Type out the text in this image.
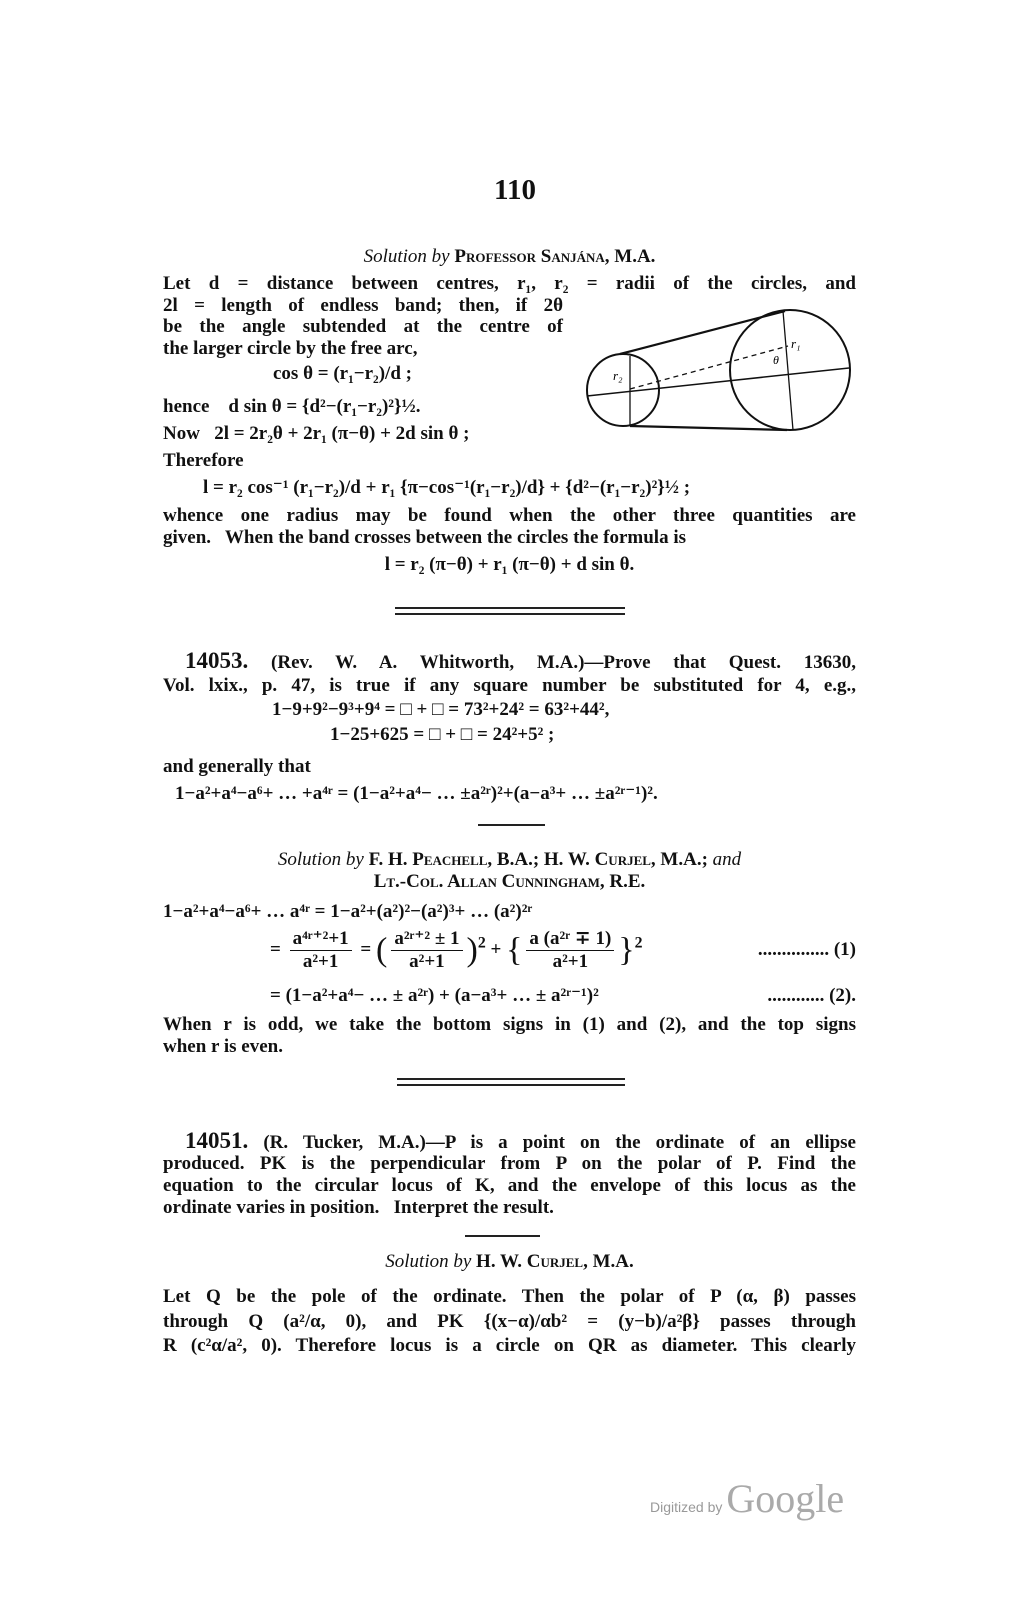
110
Solution by Professor Sanjána, M.A.
Let d = distance between centres, r₁, r₂ = radii of the circles, and
2l = length of endless band; then, if 2θ
be the angle subtended at the centre of
the larger circle by the free arc,
cos θ = (r₁−r₂)/d ;
hence    d sin θ = {d²−(r₁−r₂)²}½.
Now   2l = 2r₂θ + 2r₁ (π−θ) + 2d sin θ ;
Therefore
l = r₂ cos⁻¹ (r₁−r₂)/d + r₁ {π−cos⁻¹(r₁−r₂)/d} + {d²−(r₁−r₂)²}½ ;
whence one radius may be found when the other three quantities are
given.   When the band crosses between the circles the formula is
l = r₂ (π−θ) + r₁ (π−θ) + d sin θ.
r₂
r₁
θ
14053. (Rev. W. A. Whitworth, M.A.)—Prove that Quest. 13630,
Vol. lxix., p. 47, is true if any square number be substituted for 4, e.g.,
1−9+9²−9³+9⁴ = □ + □ = 73²+24² = 63²+44²,
1−25+625 = □ + □ = 24²+5² ;
and generally that
1−a²+a⁴−a⁶+ … +a⁴ʳ = (1−a²+a⁴− … ±a²ʳ)²+(a−a³+ … ±a²ʳ⁻¹)².
Solution by F. H. Peachell, B.A.; H. W. Curjel, M.A.; and
Lt.-Col. Allan Cunningham, R.E.
1−a²+a⁴−a⁶+ … a⁴ʳ = 1−a²+(a²)²−(a²)³+ … (a²)²ʳ
= $\frac{\text{a⁴ʳ⁺²+1}}{\text{a²+1}}$ = ( $\frac{\text{a²ʳ⁺² ± 1}}{\text{a²+1}} )^2$ + { $\frac{\text{a (a²ʳ ∓ 1)}}{\text{a²+1}} \}^2$	............... (1)
= (1−a²+a⁴− … ± a²ʳ) + (a−a³+ … ± a²ʳ⁻¹)²	............ (2).
When r is odd, we take the bottom signs in (1) and (2), and the top signs
when r is even.
14051. (R. Tucker, M.A.)—P is a point on the ordinate of an ellipse
produced. PK is the perpendicular from P on the polar of P. Find the
equation to the circular locus of K, and the envelope of this locus as the
ordinate varies in position.   Interpret the result.
Solution by H. W. Curjel, M.A.
Let Q be the pole of the ordinate. Then the polar of P (α, β) passes
through Q (a²/α, 0), and PK {(x−α)/αb² = (y−b)/a²β} passes through
R (c²α/a², 0). Therefore locus is a circle on QR as diameter. This clearly
Digitized by Google
